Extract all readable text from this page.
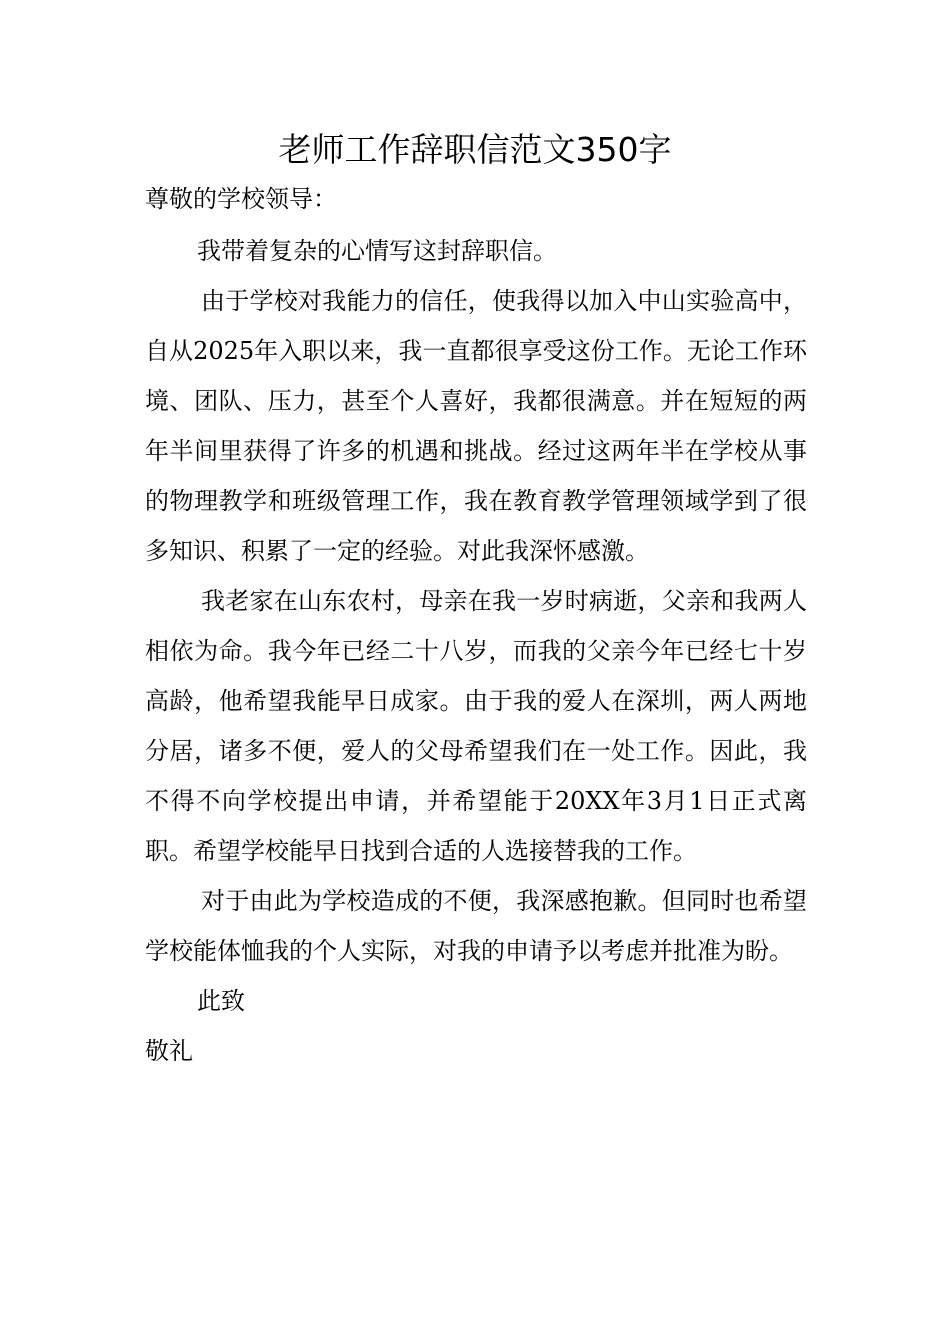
老师工作辞职信范文350字

尊敬的学校领导：

我带着复杂的心情写这封辞职信。

由于学校对我能力的信任，使我得以加入中山实验高中，自从2025年入职以来，我一直都很享受这份工作。无论工作环境、团队、压力，甚至个人喜好，我都很满意。并在短短的两年半间里获得了许多的机遇和挑战。经过这两年半在学校从事的物理教学和班级管理工作，我在教育教学管理领域学到了很多知识、积累了一定的经验。对此我深怀感激。

我老家在山东农村，母亲在我一岁时病逝，父亲和我两人相依为命。我今年已经二十八岁，而我的父亲今年已经七十岁高龄，他希望我能早日成家。由于我的爱人在深圳，两人两地分居，诸多不便，爱人的父母希望我们在一处工作。因此，我不得不向学校提出申请，并希望能于20XX年3月1日正式离职。希望学校能早日找到合适的人选接替我的工作。

对于由此为学校造成的不便，我深感抱歉。但同时也希望学校能体恤我的个人实际，对我的申请予以考虑并批准为盼。

此致

敬礼
